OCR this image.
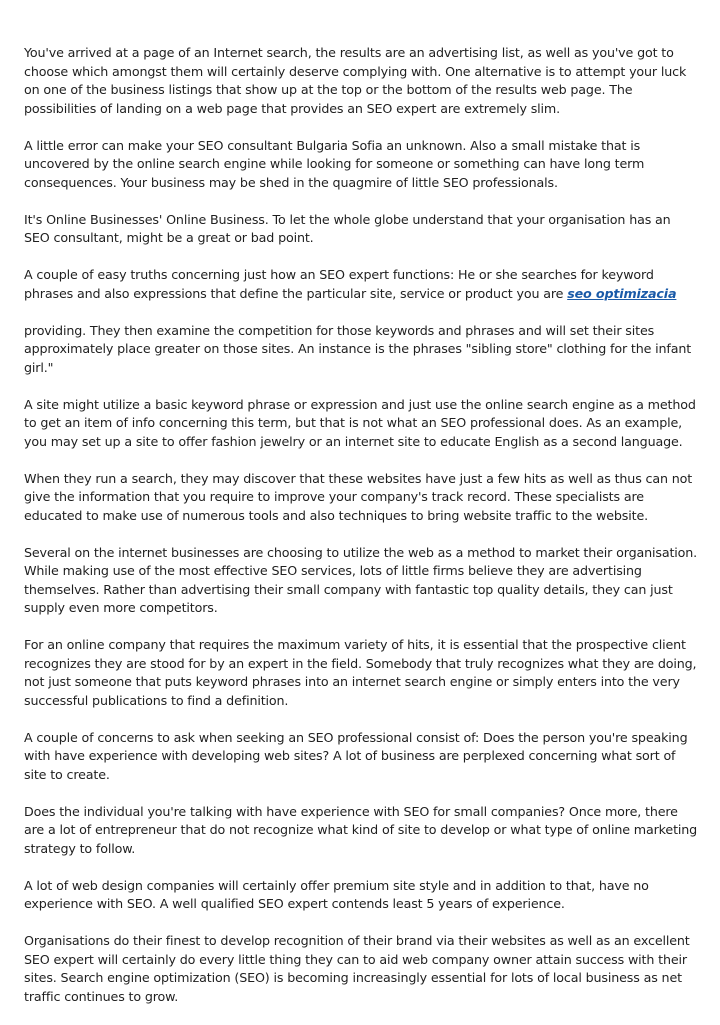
You've arrived at a page of an Internet search, the results are an advertising list, as well as you've got to choose which amongst them will certainly deserve complying with. One alternative is to attempt your luck on one of the business listings that show up at the top or the bottom of the results web page. The possibilities of landing on a web page that provides an SEO expert are extremely slim.

A little error can make your SEO consultant Bulgaria Sofia an unknown. Also a small mistake that is uncovered by the online search engine while looking for someone or something can have long term consequences. Your business may be shed in the quagmire of little SEO professionals.

It's Online Businesses' Online Business. To let the whole globe understand that your organisation has an SEO consultant, might be a great or bad point.

A couple of easy truths concerning just how an SEO expert functions: He or she searches for keyword phrases and also expressions that define the particular site, service or product you are seo optimizacia

providing. They then examine the competition for those keywords and phrases and will set their sites approximately place greater on those sites. An instance is the phrases "sibling store" clothing for the infant girl."

A site might utilize a basic keyword phrase or expression and just use the online search engine as a method to get an item of info concerning this term, but that is not what an SEO professional does. As an example, you may set up a site to offer fashion jewelry or an internet site to educate English as a second language.

When they run a search, they may discover that these websites have just a few hits as well as thus can not give the information that you require to improve your company's track record. These specialists are educated to make use of numerous tools and also techniques to bring website traffic to the website.

Several on the internet businesses are choosing to utilize the web as a method to market their organisation. While making use of the most effective SEO services, lots of little firms believe they are advertising themselves. Rather than advertising their small company with fantastic top quality details, they can just supply even more competitors.

For an online company that requires the maximum variety of hits, it is essential that the prospective client recognizes they are stood for by an expert in the field. Somebody that truly recognizes what they are doing, not just someone that puts keyword phrases into an internet search engine or simply enters into the very successful publications to find a definition.

A couple of concerns to ask when seeking an SEO professional consist of: Does the person you're speaking with have experience with developing web sites? A lot of business are perplexed concerning what sort of site to create.

Does the individual you're talking with have experience with SEO for small companies? Once more, there are a lot of entrepreneur that do not recognize what kind of site to develop or what type of online marketing strategy to follow.

A lot of web design companies will certainly offer premium site style and in addition to that, have no experience with SEO. A well qualified SEO expert contends least 5 years of experience.

Organisations do their finest to develop recognition of their brand via their websites as well as an excellent SEO expert will certainly do every little thing they can to aid web company owner attain success with their sites. Search engine optimization (SEO) is becoming increasingly essential for lots of local business as net traffic continues to grow.
